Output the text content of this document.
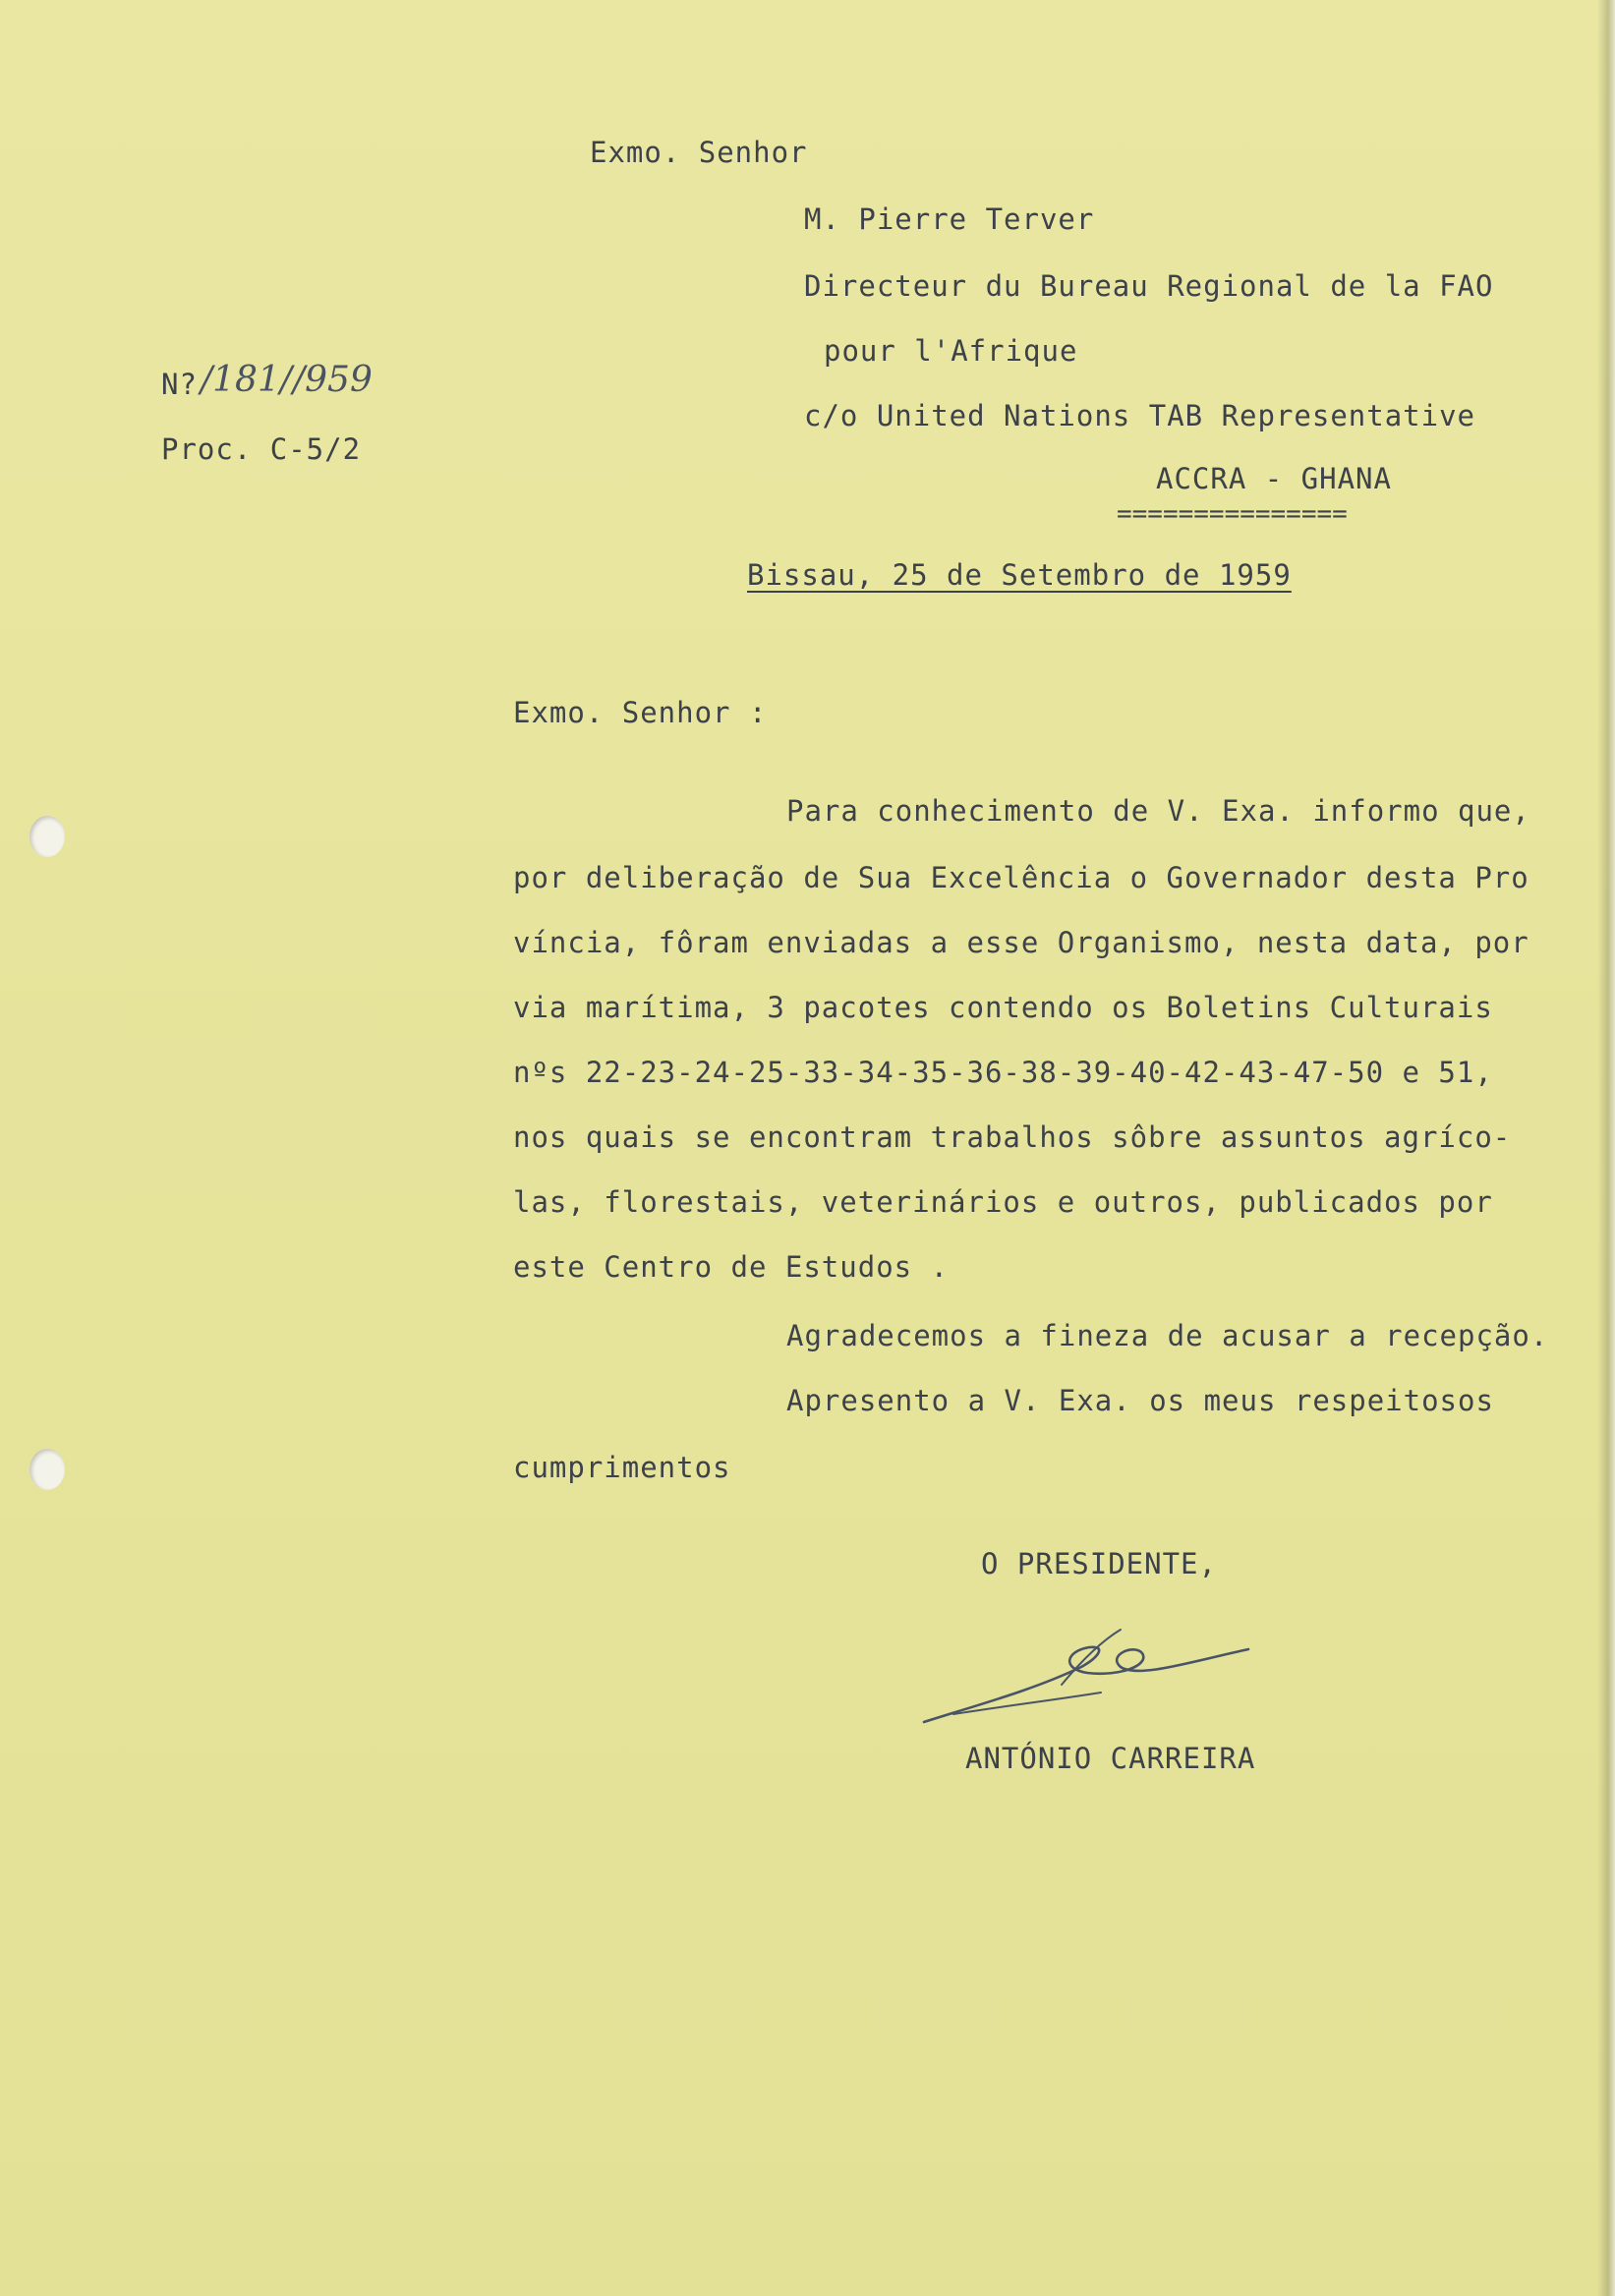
Exmo. Senhor
M. Pierre Terver
Directeur du Bureau Regional de la FAO
pour l'Afrique
c/o United Nations TAB Representative
ACCRA - GHANA
===============
N? /181/ /959
Proc. C-5/2
Bissau, 25 de Setembro de 1959
Exmo. Senhor :
Para conhecimento de V. Exa. informo que,
por deliberação de Sua Excelência o Governador desta Pro
víncia, fôram enviadas a esse Organismo, nesta data, por
via marítima, 3 pacotes contendo os Boletins Culturais
nºs 22-23-24-25-33-34-35-36-38-39-40-42-43-47-50 e 51,
nos quais se encontram trabalhos sôbre assuntos agríco-
las, florestais, veterinários e outros, publicados por
este Centro de Estudos .
Agradecemos a fineza de acusar a recepção.
Apresento a V. Exa. os meus respeitosos
cumprimentos
O PRESIDENTE,
ANTÓNIO CARREIRA
